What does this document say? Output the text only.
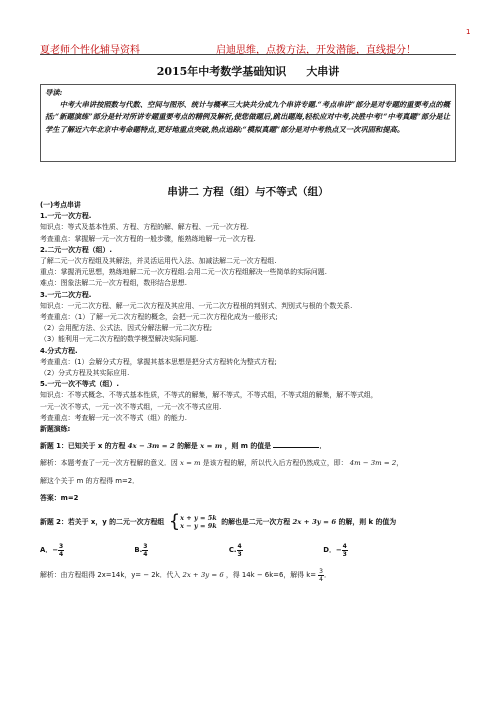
1
夏老师个性化辅导资料	启迪思维，点拨方法，开发潜能，直线提分！
2015年中考数学基础知识 大串讲
导读:
中考大串讲按照数与代数、空间与图形、统计与概率三大块共分成九个串讲专题.“考点串讲”部分是对专题的重要考点的概括;“新题演练”部分是针对所讲专题重要考点的精例及解析,使您做题后,跳出题海,轻松应对中考,决胜中考!“中考真题”部分是让学生了解近六年北京中考命题特点,更好地重点突破,热点追踪;“模拟真题”部分是对中考热点又一次巩固和提高。
串讲二 方程（组）与不等式（组）

(一)考点串讲

1.一元一次方程.

知识点：等式及基本性质、方程、方程的解、解方程、一元一次方程.

考查重点：掌握解一元一次方程的一般步骤，能熟练地解一元一次方程.

2.二元一次方程（组）.

了解二元一次方程组及其解法，并灵活运用代入法、加减法解二元一次方程组.

重点：掌握消元思想，熟练地解二元一次方程组.会用二元一次方程组解决一些简单的实际问题.

难点：图象法解二元一次方程组，数形结合思想.

3.一元二次方程.

知识点：一元二次方程、解一元二次方程及其应用、一元二次方程根的判别式、判别式与根的个数关系.

考查重点：（1）了解一元二次方程的概念，会把一元二次方程化成为一般形式;

（2）会用配方法、公式法、因式分解法解一元二次方程;

（3）能利用一元二次方程的数学模型解决实际问题.

4.分式方程.

考查重点：(1）会解分式方程，掌握其基本思想是把分式方程转化为整式方程;

（2）分式方程及其实际应用.

5.一元一次不等式（组）.

知识点：不等式概念、不等式基本性质，不等式的解集，解不等式，不等式组，不等式组的解集，解不等式组，

一元一次不等式，一元一次不等式组，一元一次不等式应用.

考查重点：考查解一元一次不等式（组）的能力.

新题演练:

新题 1：已知关于 x 的方程 4x − 3m = 2 的解是 x = m ，则 m 的值是	．

解析：本题考查了一元一次方程解的意义．因 x = m 是该方程的解，所以代入后方程仍然成立，即： 4m − 3m = 2，

解这个关于 m 的方程得 m=2．

答案：m=2

新题 2：若关于 x，y 的二元一次方程组 { x + y = 5k
x − y = 9k 的解也是二元一次方程 2x + 3y = 6 的解，则 k 的值为

A．− $\frac{3}{4}$	B. $\frac{3}{4}$	C. $\frac{4}{3}$	D．− $\frac{4}{3}$

解析：由方程组得 2x=14k，y= − 2k．代入 2x + 3y = 6 ，得 14k − 6k=6，解得 $k= \frac{3}{4}$ ．
